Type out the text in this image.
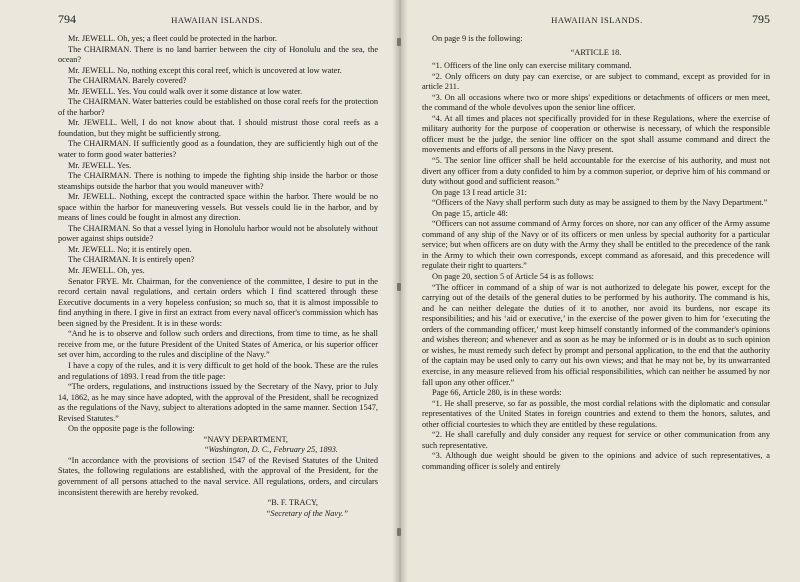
794	HAWAIIAN ISLANDS.

Mr. JEWELL. Oh, yes; a fleet could be protected in the harbor.

The CHAIRMAN. There is no land barrier between the city of Honolulu and the sea, the ocean?

Mr. JEWELL. No, nothing except this coral reef, which is uncovered at low water.

The CHAIRMAN. Barely covered?

Mr. JEWELL. Yes. You could walk over it some distance at low water.

The CHAIRMAN. Water batteries could be established on those coral reefs for the protection of the harbor?

Mr. JEWELL. Well, I do not know about that. I should mistrust those coral reefs as a foundation, but they might be sufficiently strong.

The CHAIRMAN. If sufficiently good as a foundation, they are sufficiently high out of the water to form good water batteries?

Mr. JEWELL. Yes.

The CHAIRMAN. There is nothing to impede the fighting ship inside the harbor or those steamships outside the harbor that you would maneuver with?

Mr. JEWELL. Nothing, except the contracted space within the harbor. There would be no space within the harbor for maneuvering vessels. But vessels could lie in the harbor, and by means of lines could be fought in almost any direction.

The CHAIRMAN. So that a vessel lying in Honolulu harbor would not be absolutely without power against ships outside?

Mr. JEWELL. No; it is entirely open.

The CHAIRMAN. It is entirely open?

Mr. JEWELL. Oh, yes.

Senator FRYE. Mr. Chairman, for the convenience of the committee, I desire to put in the record certain naval regulations, and certain orders which I find scattered through these Executive documents in a very hopeless confusion; so much so, that it is almost impossible to find anything in there. I give in first an extract from every naval officer's commission which has been signed by the President. It is in these words:

“And he is to observe and follow such orders and directions, from time to time, as he shall receive from me, or the future President of the United States of America, or his superior officer set over him, according to the rules and discipline of the Navy.”

I have a copy of the rules, and it is very difficult to get hold of the book. These are the rules and regulations of 1893. I read from the title page:

“The orders, regulations, and instructions issued by the Secretary of the Navy, prior to July 14, 1862, as he may since have adopted, with the approval of the President, shall be recognized as the regulations of the Navy, subject to alterations adopted in the same manner. Section 1547, Revised Statutes.”

On the opposite page is the following:

“NAVY DEPARTMENT,

“Washington, D. C., February 25, 1893.

“In accordance with the provisions of section 1547 of the Revised Statutes of the United States, the following regulations are established, with the approval of the President, for the government of all persons attached to the naval service. All regulations, orders, and circulars inconsistent therewith are hereby revoked.

“B. F. TRACY,

“Secretary of the Navy.”

HAWAIIAN ISLANDS.	795

On page 9 is the following:

“ARTICLE 18.

“1. Officers of the line only can exercise military command.

“2. Only officers on duty pay can exercise, or are subject to command, except as provided for in article 211.

“3. On all occasions where two or more ships' expeditions or detachments of officers or men meet, the command of the whole devolves upon the senior line officer.

“4. At all times and places not specifically provided for in these Regulations, where the exercise of military authority for the purpose of cooperation or otherwise is necessary, of which the responsible officer must be the judge, the senior line officer on the spot shall assume command and direct the movements and efforts of all persons in the Navy present.

“5. The senior line officer shall be held accountable for the exercise of his authority, and must not divert any officer from a duty confided to him by a common superior, or deprive him of his command or duty without good and sufficient reason.”

On page 13 I read article 31:

“Officers of the Navy shall perform such duty as may be assigned to them by the Navy Department.”

On page 15, article 48:

“Officers can not assume command of Army forces on shore, nor can any officer of the Army assume command of any ship of the Navy or of its officers or men unless by special authority for a particular service; but when officers are on duty with the Army they shall be entitled to the precedence of the rank in the Army to which their own corresponds, except command as aforesaid, and this precedence will regulate their right to quarters.”

On page 20, section 5 of Article 54 is as follows:

“The officer in command of a ship of war is not authorized to delegate his power, except for the carrying out of the details of the general duties to be performed by his authority. The command is his, and he can neither delegate the duties of it to another, nor avoid its burdens, nor escape its responsibilities; and his ‘aid or executive,’ in the exercise of the power given to him for ‘executing the orders of the commanding officer,’ must keep himself constantly informed of the commander's opinions and wishes thereon; and whenever and as soon as he may be informed or is in doubt as to such opinion or wishes, he must remedy such defect by prompt and personal application, to the end that the authority of the captain may be used only to carry out his own views; and that he may not be, by its unwarranted exercise, in any measure relieved from his official responsibilities, which can neither be assumed by nor fall upon any other officer.”

Page 66, Article 280, is in these words:

“1. He shall preserve, so far as possible, the most cordial relations with the diplomatic and consular representatives of the United States in foreign countries and extend to them the honors, salutes, and other official courtesies to which they are entitled by these regulations.

“2. He shall carefully and duly consider any request for service or other communication from any such representative.

“3. Although due weight should be given to the opinions and advice of such representatives, a commanding officer is solely and entirely
